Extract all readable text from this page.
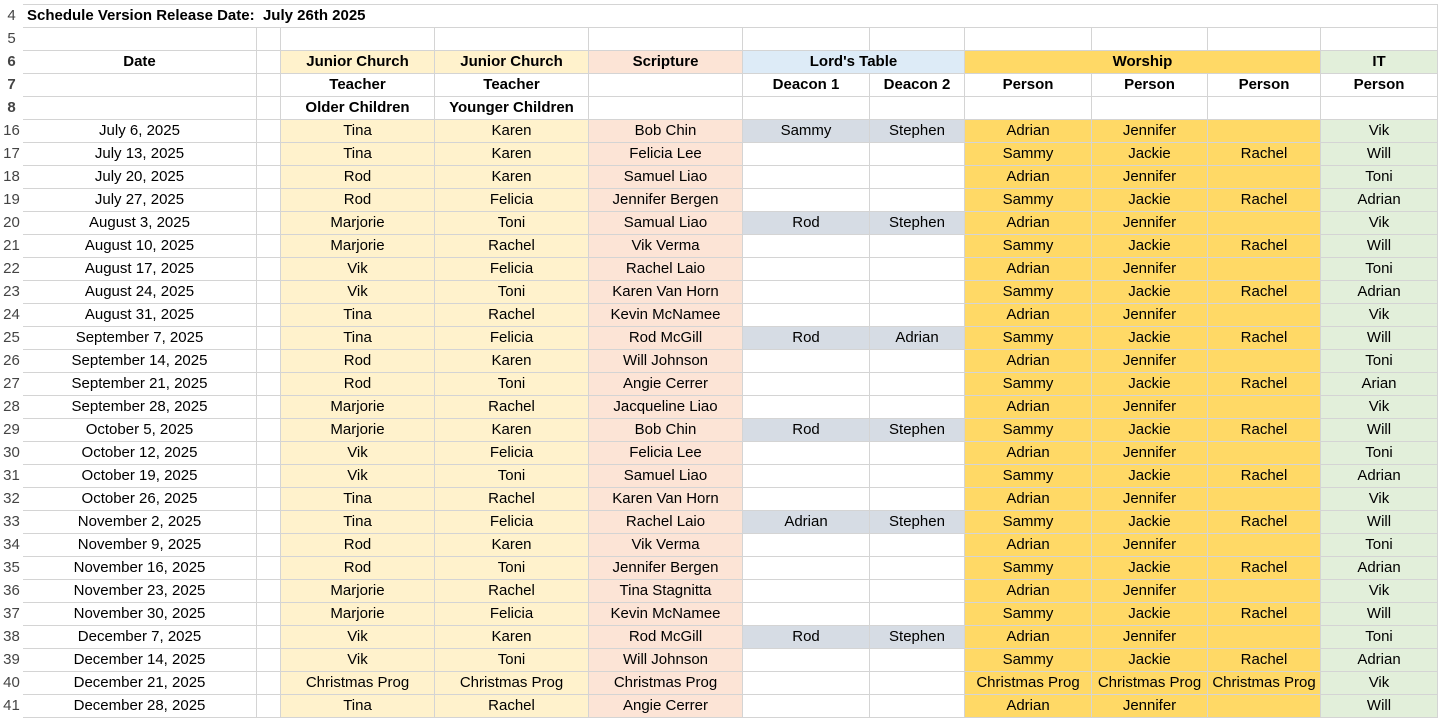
4	Schedule Version Release Date: July 26th 2025										
5											
6	Date		Junior Church	Junior Church	Scripture	Lord's Table		Worship			IT
7			Teacher	Teacher		Deacon 1	Deacon 2	Person	Person	Person	Person
8			Older Children	Younger Children							
16	July 6, 2025		Tina	Karen	Bob Chin	Sammy	Stephen	Adrian	Jennifer		Vik
17	July 13, 2025		Tina	Karen	Felicia Lee			Sammy	Jackie	Rachel	Will
18	July 20, 2025		Rod	Karen	Samuel Liao			Adrian	Jennifer		Toni
19	July 27, 2025		Rod	Felicia	Jennifer Bergen			Sammy	Jackie	Rachel	Adrian
20	August 3, 2025		Marjorie	Toni	Samual Liao	Rod	Stephen	Adrian	Jennifer		Vik
21	August 10, 2025		Marjorie	Rachel	Vik Verma			Sammy	Jackie	Rachel	Will
22	August 17, 2025		Vik	Felicia	Rachel Laio			Adrian	Jennifer		Toni
23	August 24, 2025		Vik	Toni	Karen Van Horn			Sammy	Jackie	Rachel	Adrian
24	August 31, 2025		Tina	Rachel	Kevin McNamee			Adrian	Jennifer		Vik
25	September 7, 2025		Tina	Felicia	Rod McGill	Rod	Adrian	Sammy	Jackie	Rachel	Will
26	September 14, 2025		Rod	Karen	Will Johnson			Adrian	Jennifer		Toni
27	September 21, 2025		Rod	Toni	Angie Cerrer			Sammy	Jackie	Rachel	Arian
28	September 28, 2025		Marjorie	Rachel	Jacqueline Liao			Adrian	Jennifer		Vik
29	October 5, 2025		Marjorie	Karen	Bob Chin	Rod	Stephen	Sammy	Jackie	Rachel	Will
30	October 12, 2025		Vik	Felicia	Felicia Lee			Adrian	Jennifer		Toni
31	October 19, 2025		Vik	Toni	Samuel Liao			Sammy	Jackie	Rachel	Adrian
32	October 26, 2025		Tina	Rachel	Karen Van Horn			Adrian	Jennifer		Vik
33	November 2, 2025		Tina	Felicia	Rachel Laio	Adrian	Stephen	Sammy	Jackie	Rachel	Will
34	November 9, 2025		Rod	Karen	Vik Verma			Adrian	Jennifer		Toni
35	November 16, 2025		Rod	Toni	Jennifer Bergen			Sammy	Jackie	Rachel	Adrian
36	November 23, 2025		Marjorie	Rachel	Tina Stagnitta			Adrian	Jennifer		Vik
37	November 30, 2025		Marjorie	Felicia	Kevin McNamee			Sammy	Jackie	Rachel	Will
38	December 7, 2025		Vik	Karen	Rod McGill	Rod	Stephen	Adrian	Jennifer		Toni
39	December 14, 2025		Vik	Toni	Will Johnson			Sammy	Jackie	Rachel	Adrian
40	December 21, 2025		Christmas Prog	Christmas Prog	Christmas Prog			Christmas Prog	Christmas Prog	Christmas Prog	Vik
41	December 28, 2025		Tina	Rachel	Angie Cerrer			Adrian	Jennifer		Will
